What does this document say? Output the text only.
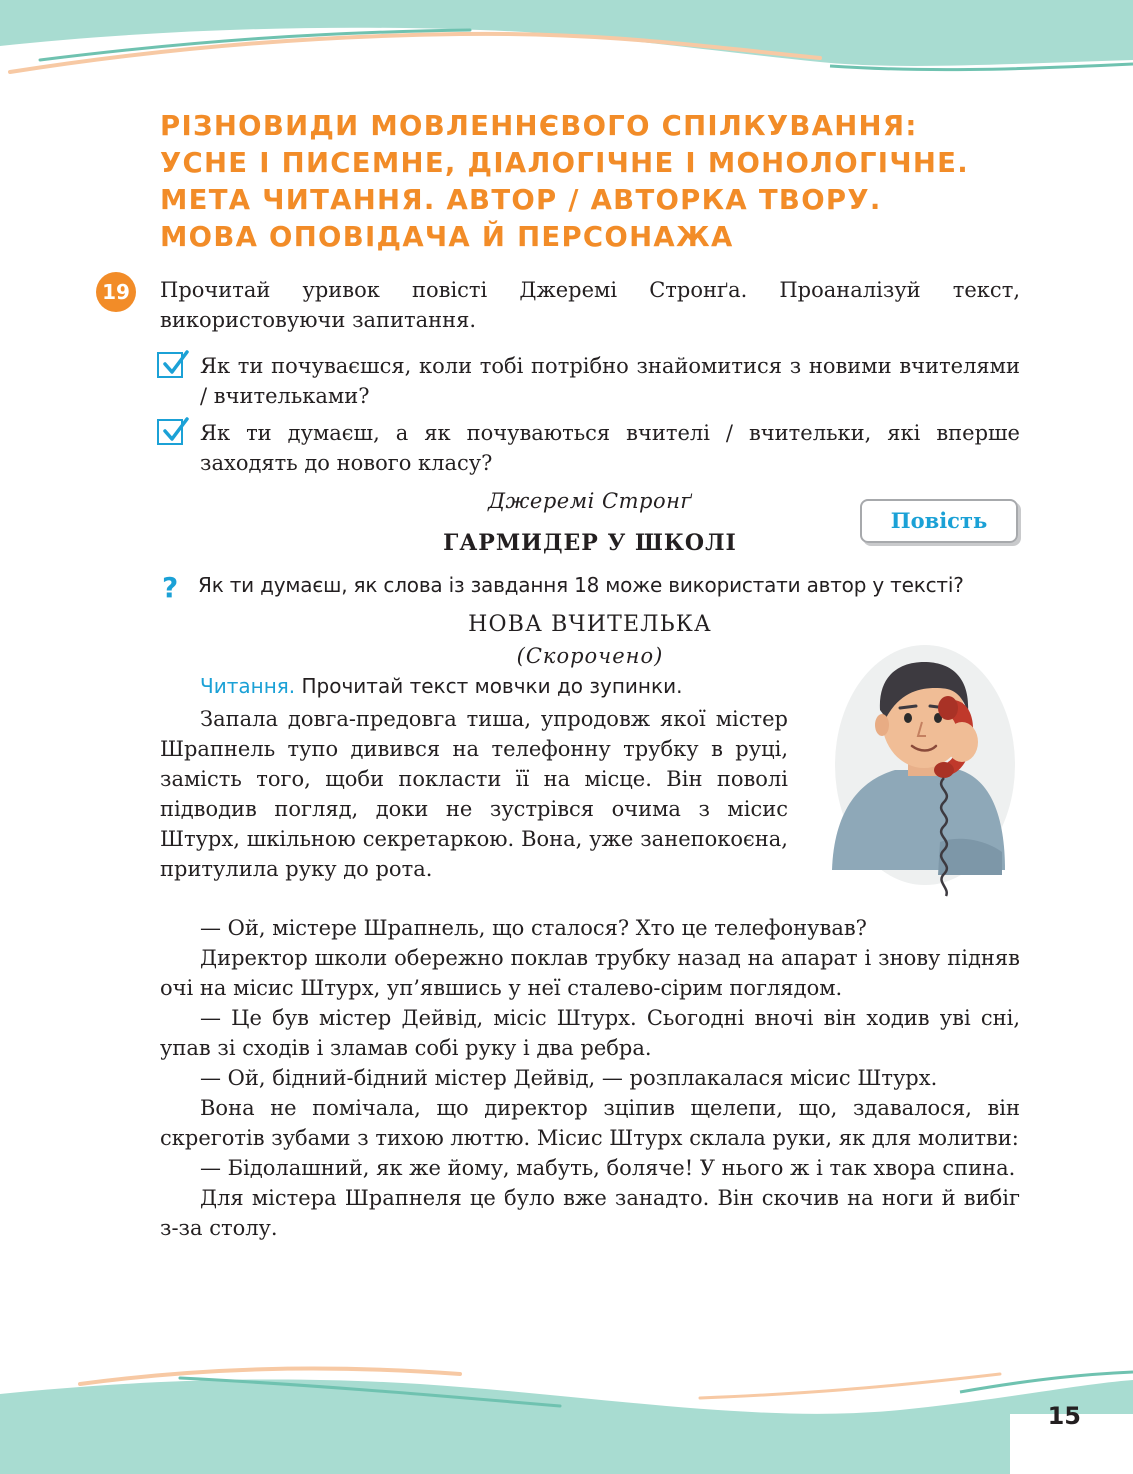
РІЗНОВИДИ МОВЛЕННЄВОГО СПІЛКУВАННЯ:
УСНЕ І ПИСЕМНЕ, ДІАЛОГІЧНЕ І МОНОЛОГІЧНЕ.
МЕТА ЧИТАННЯ. АВТОР / АВТОРКА ТВОРУ.
МОВА ОПОВІДАЧА Й ПЕРСОНАЖА
19 Прочитай уривок повісті Джеремі Стронґа. Проаналізуй текст, використовуючи запитання.
Як ти почуваєшся, коли тобі потрібно знайомитися з новими вчителями / вчительками?
Як ти думаєш, а як почуваються вчителі / вчительки, які вперше заходять до нового класу?
Джеремі Стронґ
Повість
ГАРМИДЕР У ШКОЛІ
? Як ти думаєш, як слова із завдання 18 може використати автор у тексті?
НОВА ВЧИТЕЛЬКА
(Скорочено)
Читання. Прочитай текст мовчки до зупинки.

Запала довга-предовга тиша, упродовж якої містер Шрапнель тупо дивився на телефонну трубку в руці, замість того, щоби покласти її на місце. Він поволі підводив погляд, доки не зустрівся очима з місис Штурх, шкільною секретаркою. Вона, уже занепокоєна, притулила руку до рота.

— Ой, містере Шрапнель, що сталося? Хто це телефонував?

Директор школи обережно поклав трубку назад на апарат і знову підняв очі на місис Штурх, уп’явшись у неї сталево-сірим поглядом.

— Це був містер Дейвід, місіс Штурх. Сьогодні вночі він ходив уві сні, упав зі сходів і зламав собі руку і два ребра.

— Ой, бідний-бідний містер Дейвід, — розплакалася місис Штурх.

Вона не помічала, що директор зціпив щелепи, що, здавалося, він скреготів зубами з тихою люттю. Місис Штурх склала руки, як для молитви:

— Бідолашний, як же йому, мабуть, боляче! У нього ж і так хвора спина.

Для містера Шрапнеля це було вже занадто. Він скочив на ноги й вибіг з-за столу.

15
